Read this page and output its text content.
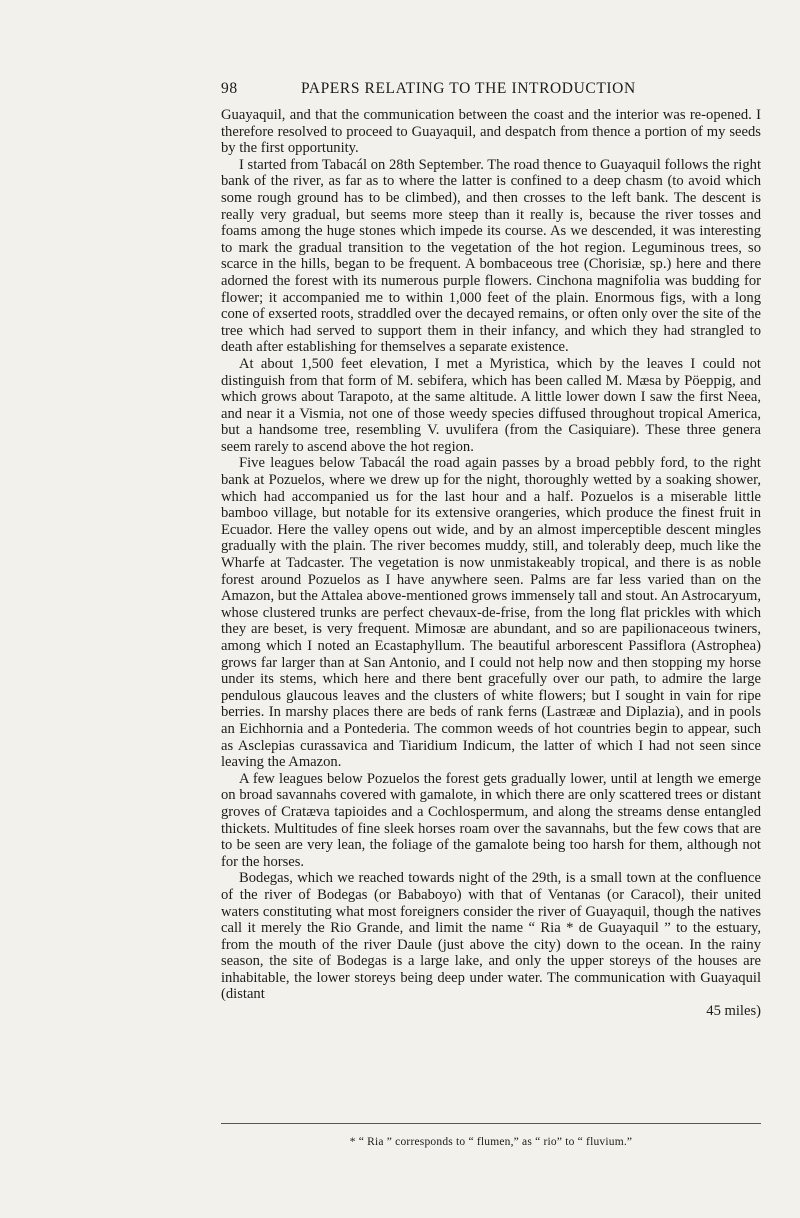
98	PAPERS RELATING TO THE INTRODUCTION

Guayaquil, and that the communication between the coast and the interior was re-opened. I therefore resolved to proceed to Guayaquil, and despatch from thence a portion of my seeds by the first opportunity.

I started from Tabacál on 28th September. The road thence to Guayaquil follows the right bank of the river, as far as to where the latter is confined to a deep chasm (to avoid which some rough ground has to be climbed), and then crosses to the left bank. The descent is really very gradual, but seems more steep than it really is, because the river tosses and foams among the huge stones which impede its course. As we descended, it was interesting to mark the gradual transition to the vegetation of the hot region. Leguminous trees, so scarce in the hills, began to be frequent. A bombaceous tree (Chorisiæ, sp.) here and there adorned the forest with its numerous purple flowers. Cinchona magnifolia was budding for flower; it accompanied me to within 1,000 feet of the plain. Enormous figs, with a long cone of exserted roots, straddled over the decayed remains, or often only over the site of the tree which had served to support them in their infancy, and which they had strangled to death after establishing for themselves a separate existence.

At about 1,500 feet elevation, I met a Myristica, which by the leaves I could not distinguish from that form of M. sebifera, which has been called M. Mæsa by Pöeppig, and which grows about Tarapoto, at the same altitude. A little lower down I saw the first Neea, and near it a Vismia, not one of those weedy species diffused throughout tropical America, but a handsome tree, resembling V. uvulifera (from the Casiquiare). These three genera seem rarely to ascend above the hot region.

Five leagues below Tabacál the road again passes by a broad pebbly ford, to the right bank at Pozuelos, where we drew up for the night, thoroughly wetted by a soaking shower, which had accompanied us for the last hour and a half. Pozuelos is a miserable little bamboo village, but notable for its extensive orangeries, which produce the finest fruit in Ecuador. Here the valley opens out wide, and by an almost imperceptible descent mingles gradually with the plain. The river becomes muddy, still, and tolerably deep, much like the Wharfe at Tadcaster. The vegetation is now unmistakeably tropical, and there is as noble forest around Pozuelos as I have anywhere seen. Palms are far less varied than on the Amazon, but the Attalea above-mentioned grows immensely tall and stout. An Astrocaryum, whose clustered trunks are perfect chevaux-de-frise, from the long flat prickles with which they are beset, is very frequent. Mimosæ are abundant, and so are papilionaceous twiners, among which I noted an Ecastaphyllum. The beautiful arborescent Passiflora (Astrophea) grows far larger than at San Antonio, and I could not help now and then stopping my horse under its stems, which here and there bent gracefully over our path, to admire the large pendulous glaucous leaves and the clusters of white flowers; but I sought in vain for ripe berries. In marshy places there are beds of rank ferns (Lastrææ and Diplazia), and in pools an Eichhornia and a Pontederia. The common weeds of hot countries begin to appear, such as Asclepias curassavica and Tiaridium Indicum, the latter of which I had not seen since leaving the Amazon.

A few leagues below Pozuelos the forest gets gradually lower, until at length we emerge on broad savannahs covered with gamalote, in which there are only scattered trees or distant groves of Cratæva tapioides and a Cochlospermum, and along the streams dense entangled thickets. Multitudes of fine sleek horses roam over the savannahs, but the few cows that are to be seen are very lean, the foliage of the gamalote being too harsh for them, although not for the horses.

Bodegas, which we reached towards night of the 29th, is a small town at the confluence of the river of Bodegas (or Bababoyo) with that of Ventanas (or Caracol), their united waters constituting what most foreigners consider the river of Guayaquil, though the natives call it merely the Rio Grande, and limit the name “ Ria * de Guayaquil ” to the estuary, from the mouth of the river Daule (just above the city) down to the ocean. In the rainy season, the site of Bodegas is a large lake, and only the upper storeys of the houses are inhabitable, the lower storeys being deep under water. The communication with Guayaquil (distant

45 miles)

* “ Ria ” corresponds to “ flumen,” as “ rio” to “ fluvium.”
